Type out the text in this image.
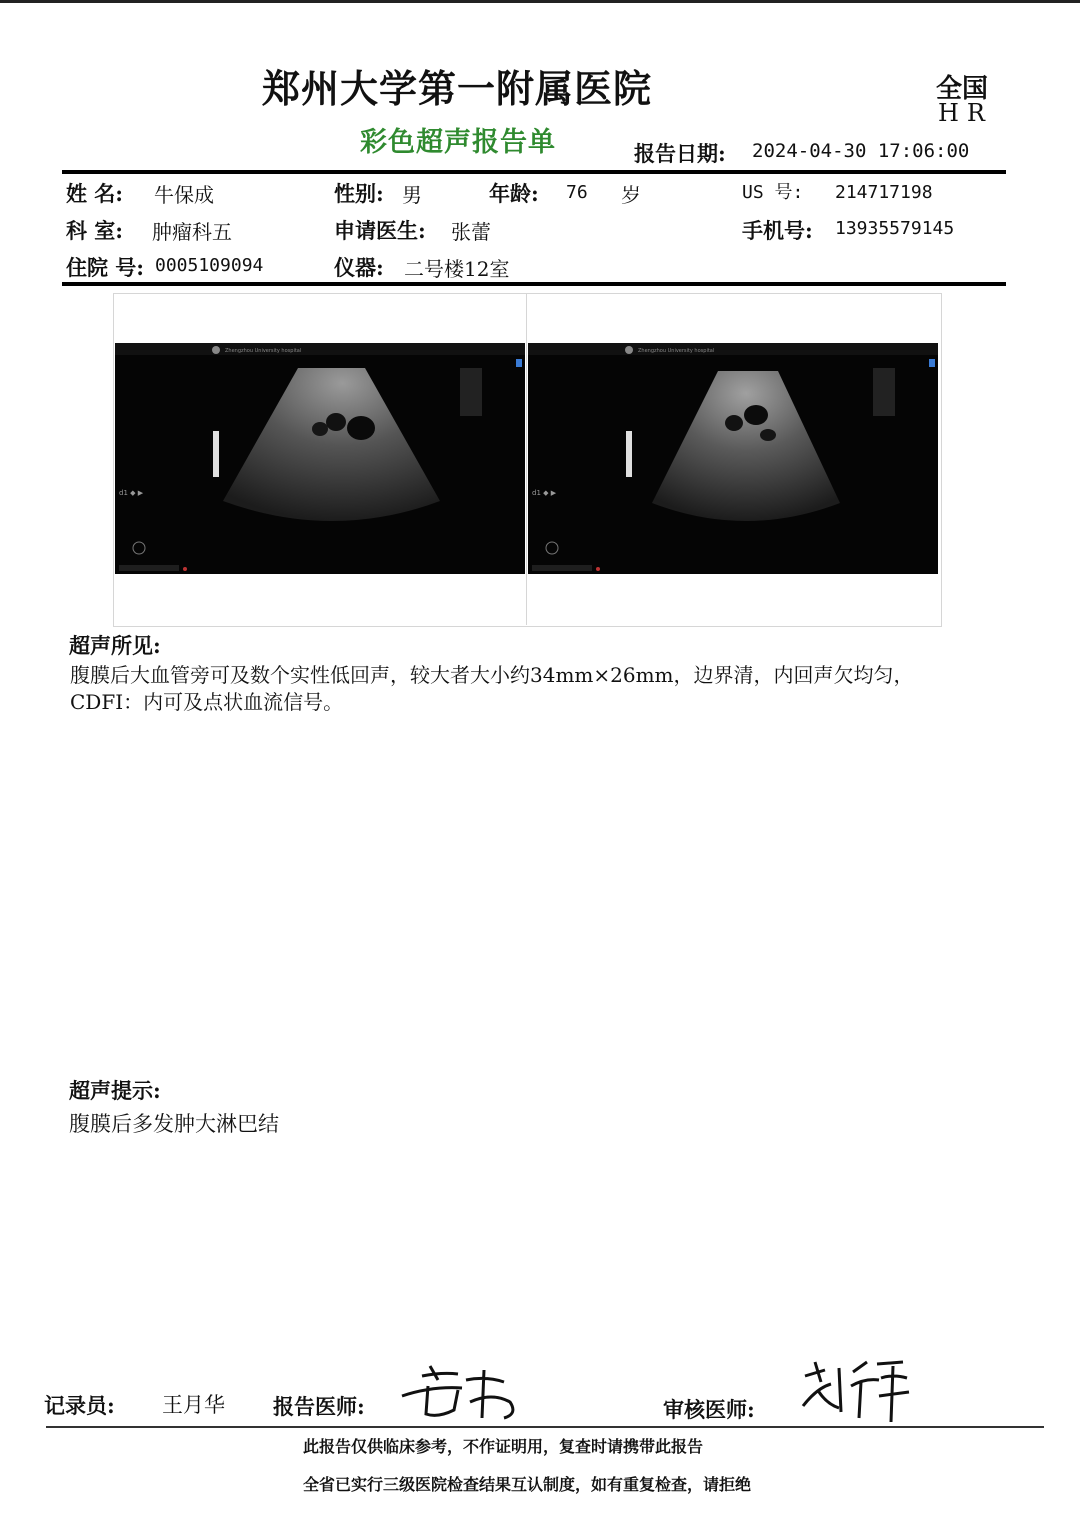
郑州大学第一附属医院	全国
HR
彩色超声报告单	报告日期: 2024-04-30 17:06:00
姓 名: 牛保成	性别: 男	年龄: 76 岁	US 号: 214717198
科 室: 肿瘤科五	申请医生: 张蕾	手机号: 13935579145
住院 号: 0005109094	仪器: 二号楼12室
Zhengzhou University hospital
d1 ◆ ▶
Zhengzhou University hospital
d1 ◆ ▶
超声所见:
腹膜后大血管旁可及数个实性低回声，较大者大小约34mm×26mm，边界清，内回声欠均匀，CDFI：内可及点状血流信号。
超声提示:
腹膜后多发肿大淋巴结
记录员: 王月华 报告医师:	审核医师:
此报告仅供临床参考，不作证明用，复查时请携带此报告
全省已实行三级医院检查结果互认制度，如有重复检查，请拒绝
